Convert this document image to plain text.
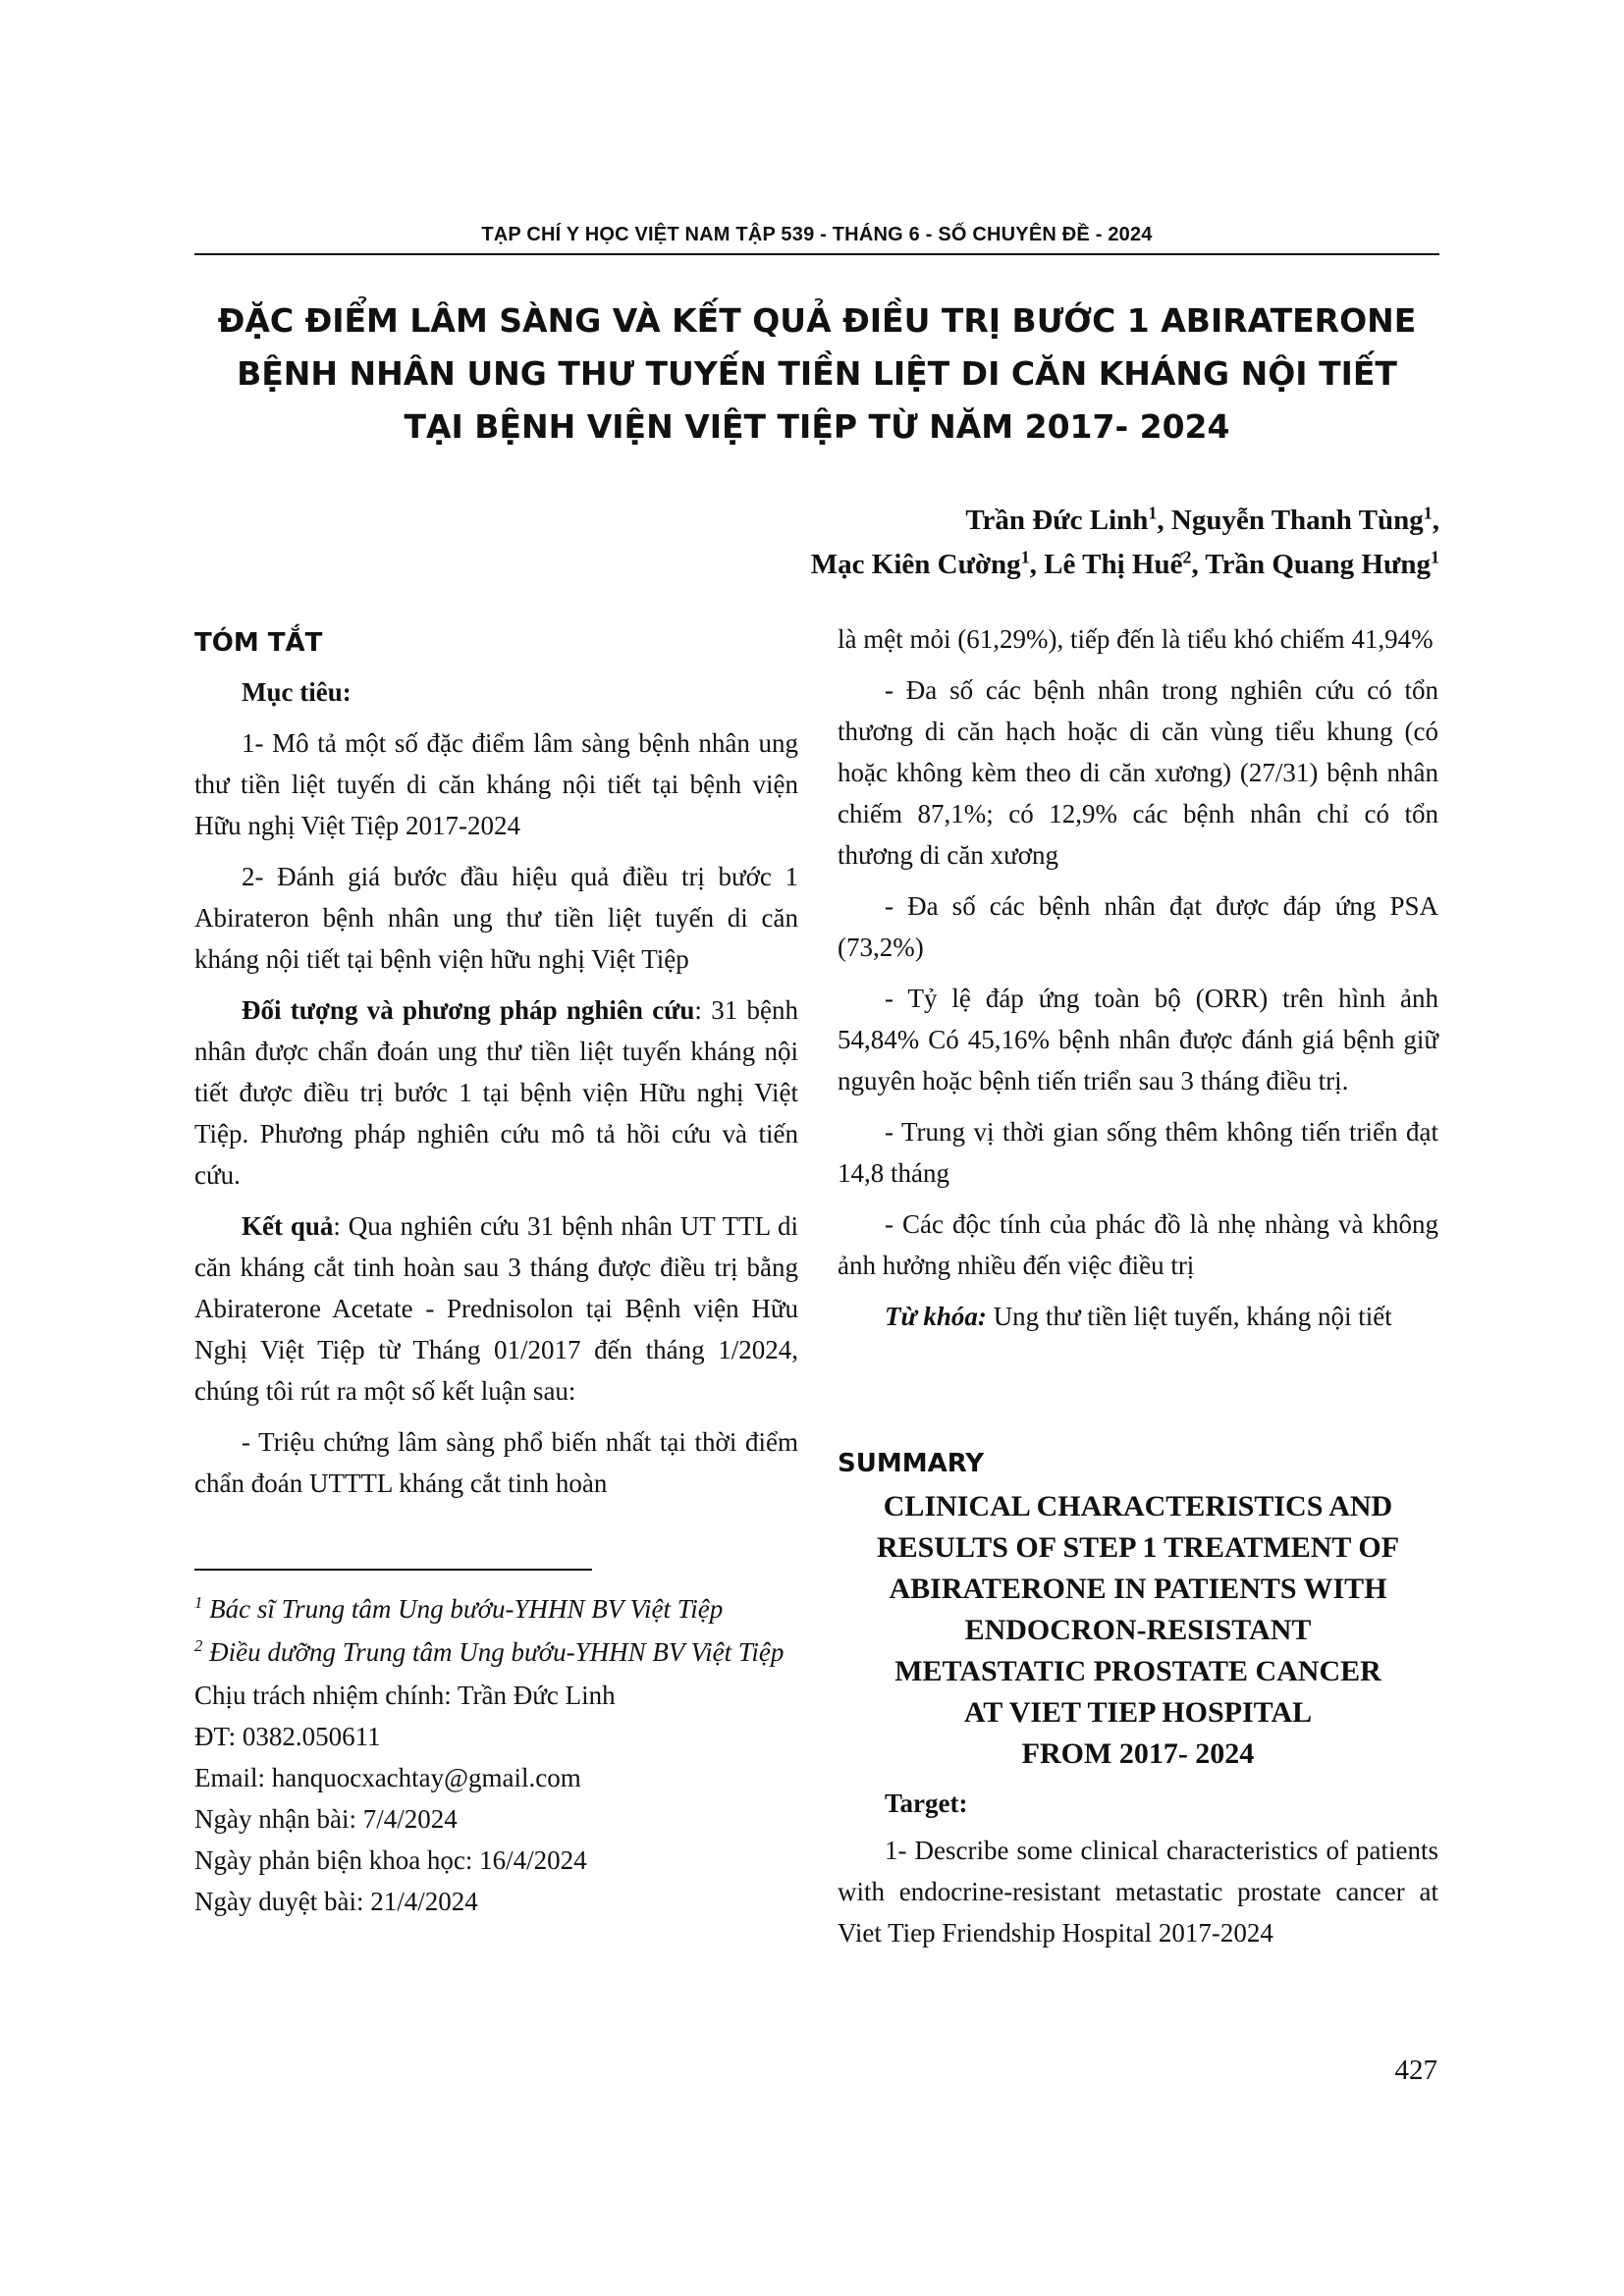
TẠP CHÍ Y HỌC VIỆT NAM TẬP 539 - THÁNG 6 - SỐ CHUYÊN ĐỀ - 2024
ĐẶC ĐIỂM LÂM SÀNG VÀ KẾT QUẢ ĐIỀU TRỊ BƯỚC 1 ABIRATERONE
BỆNH NHÂN UNG THƯ TUYẾN TIỀN LIỆT DI CĂN KHÁNG NỘI TIẾT
TẠI BỆNH VIỆN VIỆT TIỆP TỪ NĂM 2017- 2024
Trần Đức Linh$^1$, Nguyễn Thanh Tùng$^1$,
Mạc Kiên Cường$^1$, Lê Thị Huế$^2$, Trần Quang Hưng$^1$
TÓM TẮT

Mục tiêu:

1- Mô tả một số đặc điểm lâm sàng bệnh nhân ung thư tiền liệt tuyến di căn kháng nội tiết tại bệnh viện Hữu nghị Việt Tiệp 2017-2024

2- Đánh giá bước đầu hiệu quả điều trị bước 1 Abirateron bệnh nhân ung thư tiền liệt tuyến di căn kháng nội tiết tại bệnh viện hữu nghị Việt Tiệp

Đối tượng và phương pháp nghiên cứu: 31 bệnh nhân được chẩn đoán ung thư tiền liệt tuyến kháng nội tiết được điều trị bước 1 tại bệnh viện Hữu nghị Việt Tiệp. Phương pháp nghiên cứu mô tả hồi cứu và tiến cứu.

Kết quả: Qua nghiên cứu 31 bệnh nhân UT TTL di căn kháng cắt tinh hoàn sau 3 tháng được điều trị bằng Abiraterone Acetate - Prednisolon tại Bệnh viện Hữu Nghị Việt Tiệp từ Tháng 01/2017 đến tháng 1/2024, chúng tôi rút ra một số kết luận sau:

- Triệu chứng lâm sàng phổ biến nhất tại thời điểm chẩn đoán UTTTL kháng cắt tinh hoàn

$^1$ Bác sĩ Trung tâm Ung bướu-YHHN BV Việt Tiệp

$^2$ Điều dưỡng Trung tâm Ung bướu-YHHN BV Việt Tiệp

Chịu trách nhiệm chính: Trần Đức Linh

ĐT: 0382.050611

Email: hanquocxachtay@gmail.com

Ngày nhận bài: 7/4/2024

Ngày phản biện khoa học: 16/4/2024

Ngày duyệt bài: 21/4/2024

là mệt mỏi (61,29%), tiếp đến là tiểu khó chiếm 41,94%

- Đa số các bệnh nhân trong nghiên cứu có tổn thương di căn hạch hoặc di căn vùng tiểu khung (có hoặc không kèm theo di căn xương) (27/31) bệnh nhân chiếm 87,1%; có 12,9% các bệnh nhân chỉ có tổn thương di căn xương

- Đa số các bệnh nhân đạt được đáp ứng PSA (73,2%)

- Tỷ lệ đáp ứng toàn bộ (ORR) trên hình ảnh 54,84% Có 45,16% bệnh nhân được đánh giá bệnh giữ nguyên hoặc bệnh tiến triển sau 3 tháng điều trị.

- Trung vị thời gian sống thêm không tiến triển đạt 14,8 tháng

- Các độc tính của phác đồ là nhẹ nhàng và không ảnh hưởng nhiều đến việc điều trị

Từ khóa: Ung thư tiền liệt tuyến, kháng nội tiết

SUMMARY
CLINICAL CHARACTERISTICS AND
RESULTS OF STEP 1 TREATMENT OF
ABIRATERONE IN PATIENTS WITH
ENDOCRON-RESISTANT
METASTATIC PROSTATE CANCER
AT VIET TIEP HOSPITAL
FROM 2017- 2024

Target:

1- Describe some clinical characteristics of patients with endocrine-resistant metastatic prostate cancer at Viet Tiep Friendship Hospital 2017-2024

427
